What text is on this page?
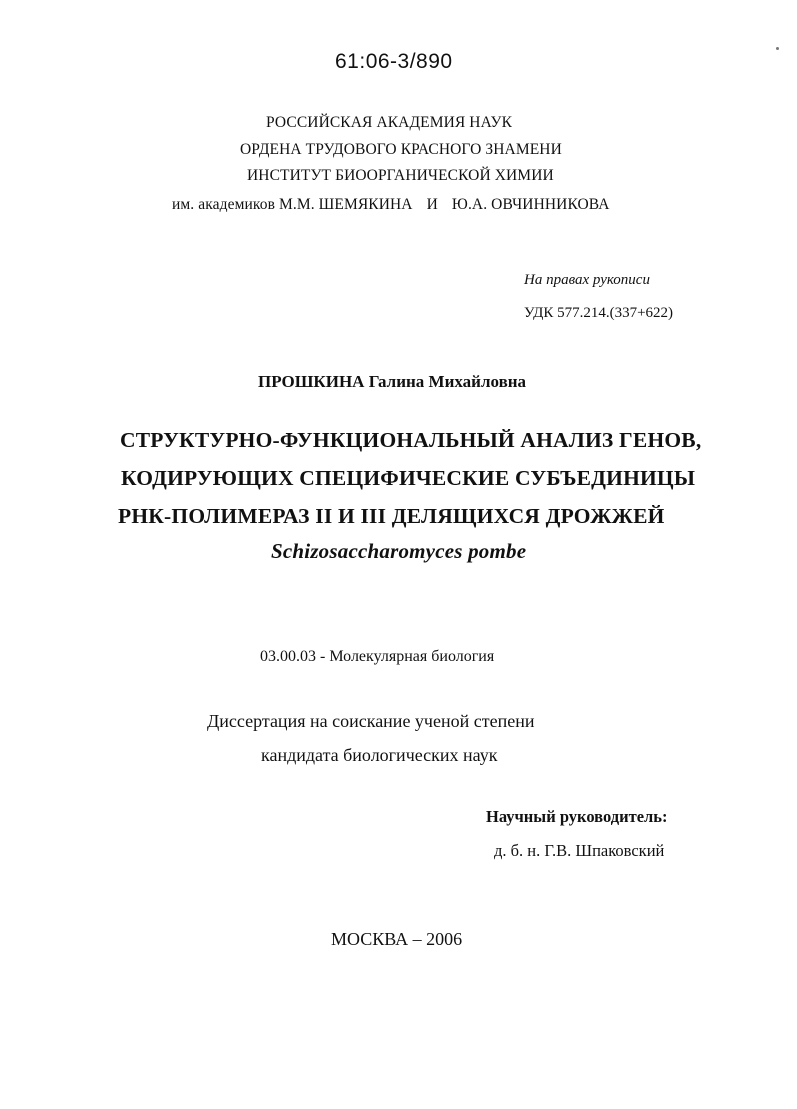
61:06-3/890
РОССИЙСКАЯ АКАДЕМИЯ НАУК
ОРДЕНА ТРУДОВОГО КРАСНОГО ЗНАМЕНИ
ИНСТИТУТ БИООРГАНИЧЕСКОЙ ХИМИИ
им. академиков М.М. ШЕМЯКИНА И Ю.А. ОВЧИННИКОВА
На правах рукописи
УДК 577.214.(337+622)
ПРОШКИНА Галина Михайловна
СТРУКТУРНО-ФУНКЦИОНАЛЬНЫЙ АНАЛИЗ ГЕНОВ,
КОДИРУЮЩИХ СПЕЦИФИЧЕСКИЕ СУБЪЕДИНИЦЫ
РНК-ПОЛИМЕРАЗ II И III ДЕЛЯЩИХСЯ ДРОЖЖЕЙ
Schizosaccharomyces pombe
03.00.03 - Молекулярная биология
Диссертация на соискание ученой степени
кандидата биологических наук
Научный руководитель:
д. б. н. Г.В. Шпаковский
МОСКВА – 2006
